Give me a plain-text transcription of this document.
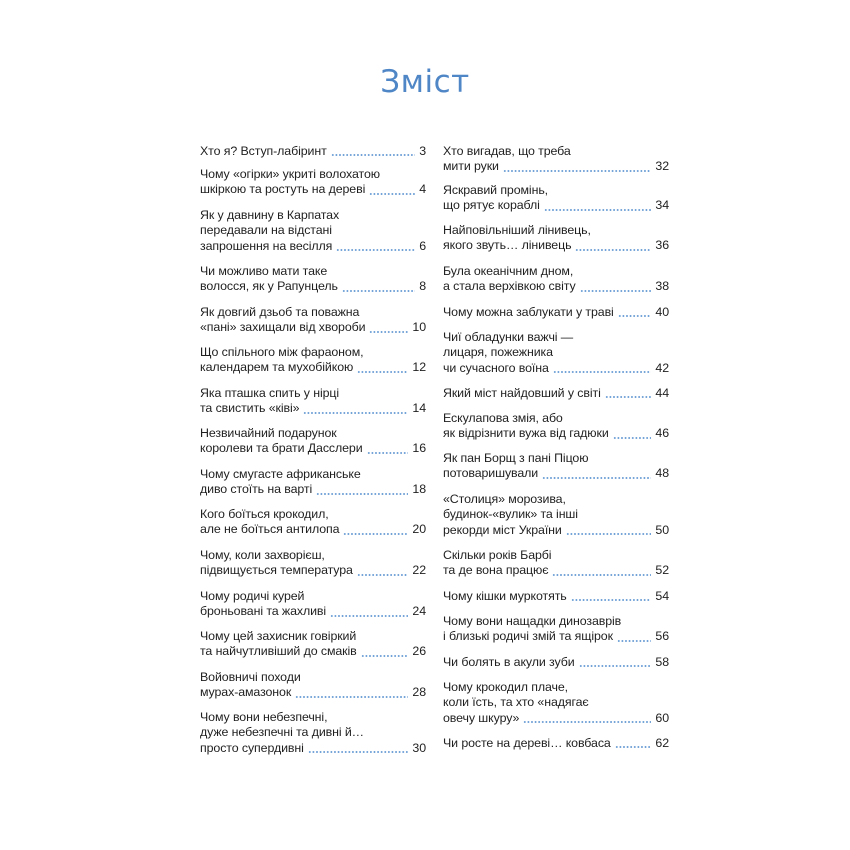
Зміст
Хто я? Вступ-лабіринт	3
Чому «огірки» укриті волохатою
шкіркою та ростуть на дереві	4
Як у давнину в Карпатах
передавали на відстані
запрошення на весілля	6
Чи можливо мати таке
волосся, як у Рапунцель	8
Як довгий дзьоб та поважна
«пані» захищали від хвороби	10
Що спільного між фараоном,
календарем та мухобійкою	12
Яка пташка спить у нірці
та свистить «ківі»	14
Незвичайний подарунок
королеви та брати Дасслери	16
Чому смугасте африканське
диво стоїть на варті	18
Кого боїться крокодил,
але не боїться антилопа	20
Чому, коли захворієш,
підвищується температура	22
Чому родичі курей
броньовані та жахливі	24
Чому цей захисник говіркий
та найчутливіший до смаків	26
Войовничі походи
мурах-амазонок	28
Чому вони небезпечні,
дуже небезпечні та дивні й…
просто супердивні	30
Хто вигадав, що треба
мити руки	32
Яскравий промінь,
що рятує кораблі	34
Найповільніший лінивець,
якого звуть… лінивець	36
Була океанічним дном,
а стала верхівкою світу	38
Чому можна заблукати у траві	40
Чиї обладунки важчі —
лицаря, пожежника
чи сучасного воїна	42
Який міст найдовший у світі	44
Ескулапова змія, або
як відрізнити вужа від гадюки	46
Як пан Борщ з пані Піцою
потоваришували	48
«Столиця» морозива,
будинок-«вулик» та інші
рекорди міст України	50
Скільки років Барбі
та де вона працює	52
Чому кішки муркотять	54
Чому вони нащадки динозаврів
і близькі родичі змій та ящірок	56
Чи болять в акули зуби	58
Чому крокодил плаче,
коли їсть, та хто «надягає
овечу шкуру»	60
Чи росте на дереві… ковбаса	62
